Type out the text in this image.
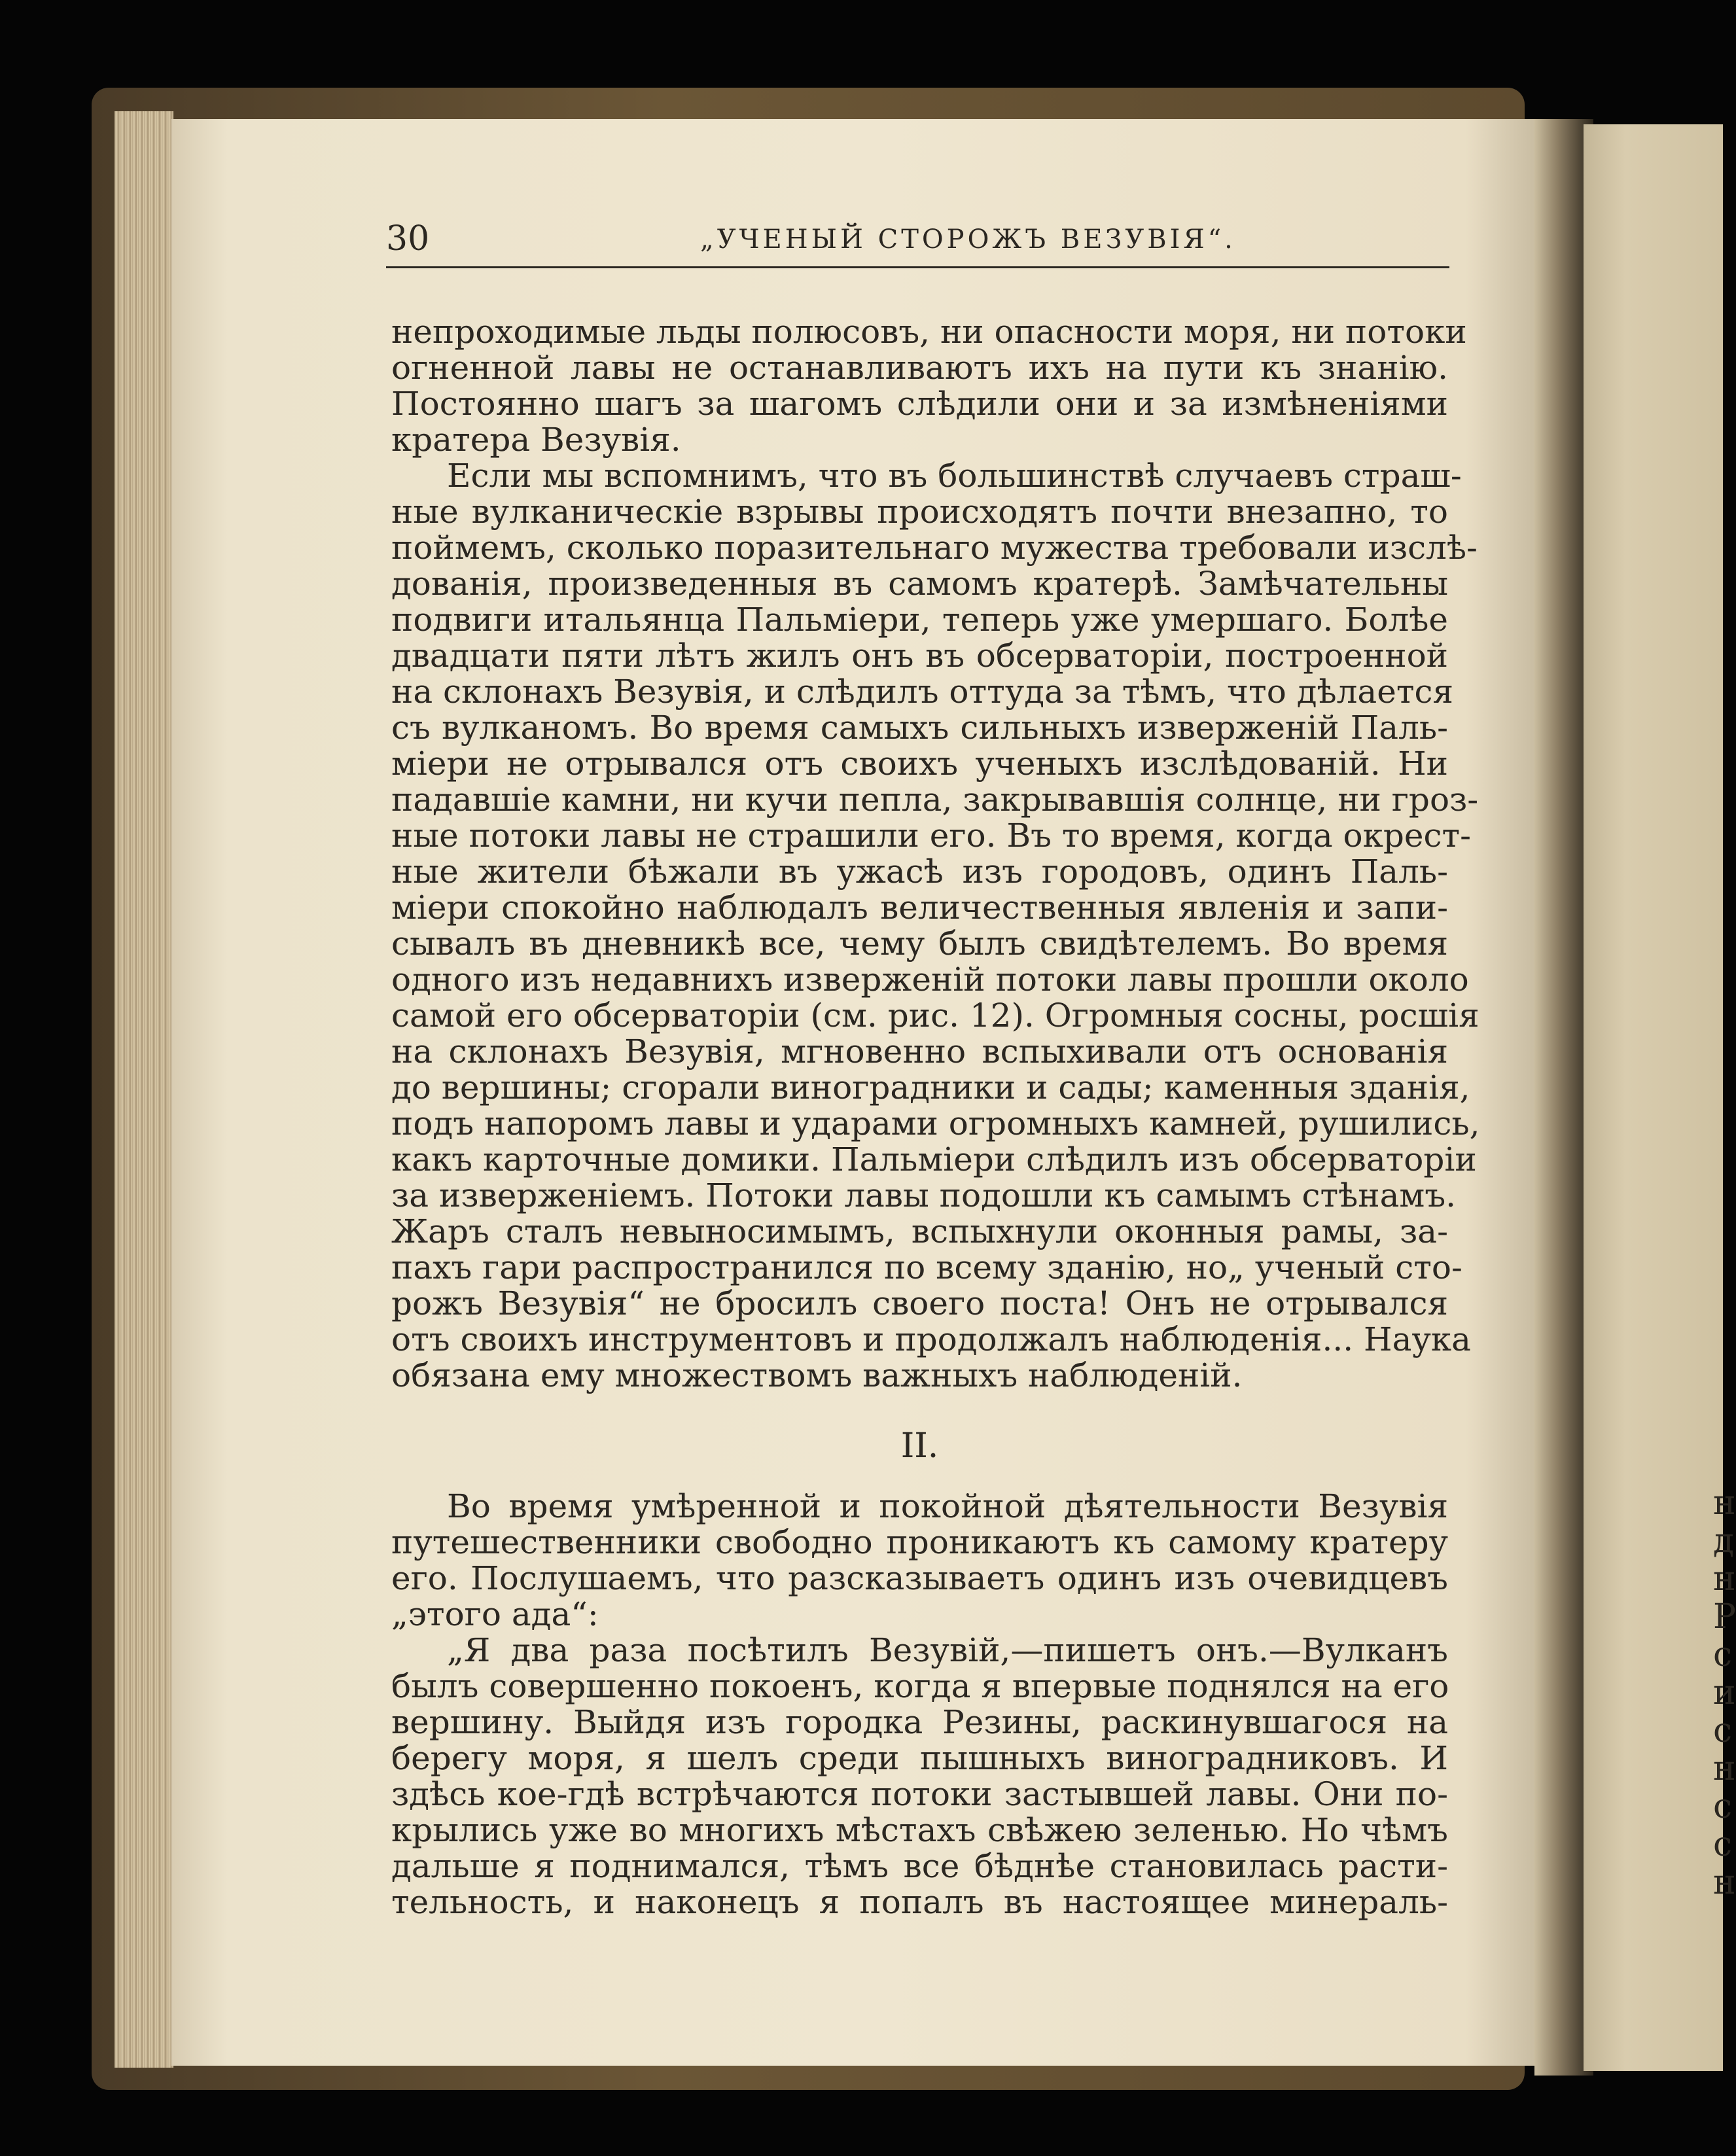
н
д
н
Р
с
и
с
н
с
с
н
30	„УЧЕНЫЙ СТОРОЖЪ ВЕЗУВІЯ“.

непроходимые льды полюсовъ, ни опасности моря, ни потоки

огненной лавы не останавливаютъ ихъ на пути къ знанію.

Постоянно шагъ за шагомъ слѣдили они и за измѣненіями

кратера Везувія.

Если мы вспомнимъ, что въ большинствѣ случаевъ страш-

ные вулканическіе взрывы происходятъ почти внезапно, то

поймемъ, сколько поразительнаго мужества требовали изслѣ-

дованія, произведенныя въ самомъ кратерѣ. Замѣчательны

подвиги итальянца Пальміери, теперь уже умершаго. Болѣе

двадцати пяти лѣтъ жилъ онъ въ обсерваторіи, построенной

на склонахъ Везувія, и слѣдилъ оттуда за тѣмъ, что дѣлается

съ вулканомъ. Во время самыхъ сильныхъ изверженій Паль-

міери не отрывался отъ своихъ ученыхъ изслѣдованій. Ни

падавшіе камни, ни кучи пепла, закрывавшія солнце, ни гроз-

ные потоки лавы не страшили его. Въ то время, когда окрест-

ные жители бѣжали въ ужасѣ изъ городовъ, одинъ Паль-

міери спокойно наблюдалъ величественныя явленія и запи-

сывалъ въ дневникѣ все, чему былъ свидѣтелемъ. Во время

одного изъ недавнихъ изверженій потоки лавы прошли около

самой его обсерваторіи (см. рис. 12). Огромныя сосны, росшія

на склонахъ Везувія, мгновенно вспыхивали отъ основанія

до вершины; сгорали виноградники и сады; каменныя зданія,

подъ напоромъ лавы и ударами огромныхъ камней, рушились,

какъ карточные домики. Пальміери слѣдилъ изъ обсерваторіи

за изверженіемъ. Потоки лавы подошли къ самымъ стѣнамъ.

Жаръ сталъ невыносимымъ, вспыхнули оконныя рамы, за-

пахъ гари распространился по всему зданію, но„ ученый сто-

рожъ Везувія“ не бросилъ своего поста! Онъ не отрывался

отъ своихъ инструментовъ и продолжалъ наблюденія... Наука

обязана ему множествомъ важныхъ наблюденій.

II.

Во время умѣренной и покойной дѣятельности Везувія

путешественники свободно проникаютъ къ самому кратеру

его. Послушаемъ, что разсказываетъ одинъ изъ очевидцевъ

„этого ада“:

„Я два раза посѣтилъ Везувій,—пишетъ онъ.—Вулканъ

былъ совершенно покоенъ, когда я впервые поднялся на его

вершину. Выйдя изъ городка Резины, раскинувшагося на

берегу моря, я шелъ среди пышныхъ виноградниковъ. И

здѣсь кое-гдѣ встрѣчаются потоки застывшей лавы. Они по-

крылись уже во многихъ мѣстахъ свѣжею зеленью. Но чѣмъ

дальше я поднимался, тѣмъ все бѣднѣе становилась расти-

тельность, и наконецъ я попалъ въ настоящее минераль-
